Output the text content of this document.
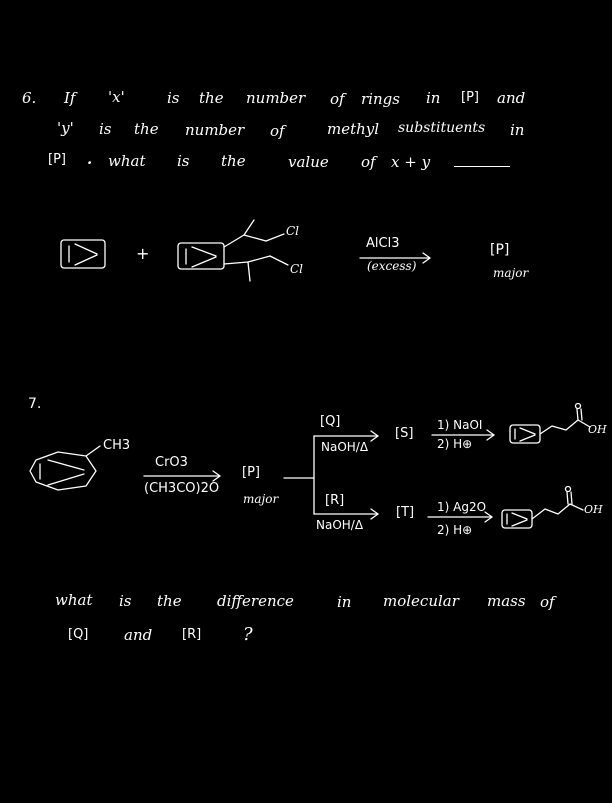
6. If 'x'	is the number of rings in [P] and
'y' is the number of	methyl substituents in
[P] . what is the	value of x + y
+
Cl
Cl
AlCl3
(excess)
[P]
major
7.
CH3
CrO3
(CH3CO)2O
[P]
major
[Q]
NaOH/Δ
[S]
1) NaOI
2) H⊕
OH
[R]
NaOH/Δ
[T] 1) Ag2O
2) H⊕
OH
what is the difference	in molecular mass of
[Q] and [R] ?
